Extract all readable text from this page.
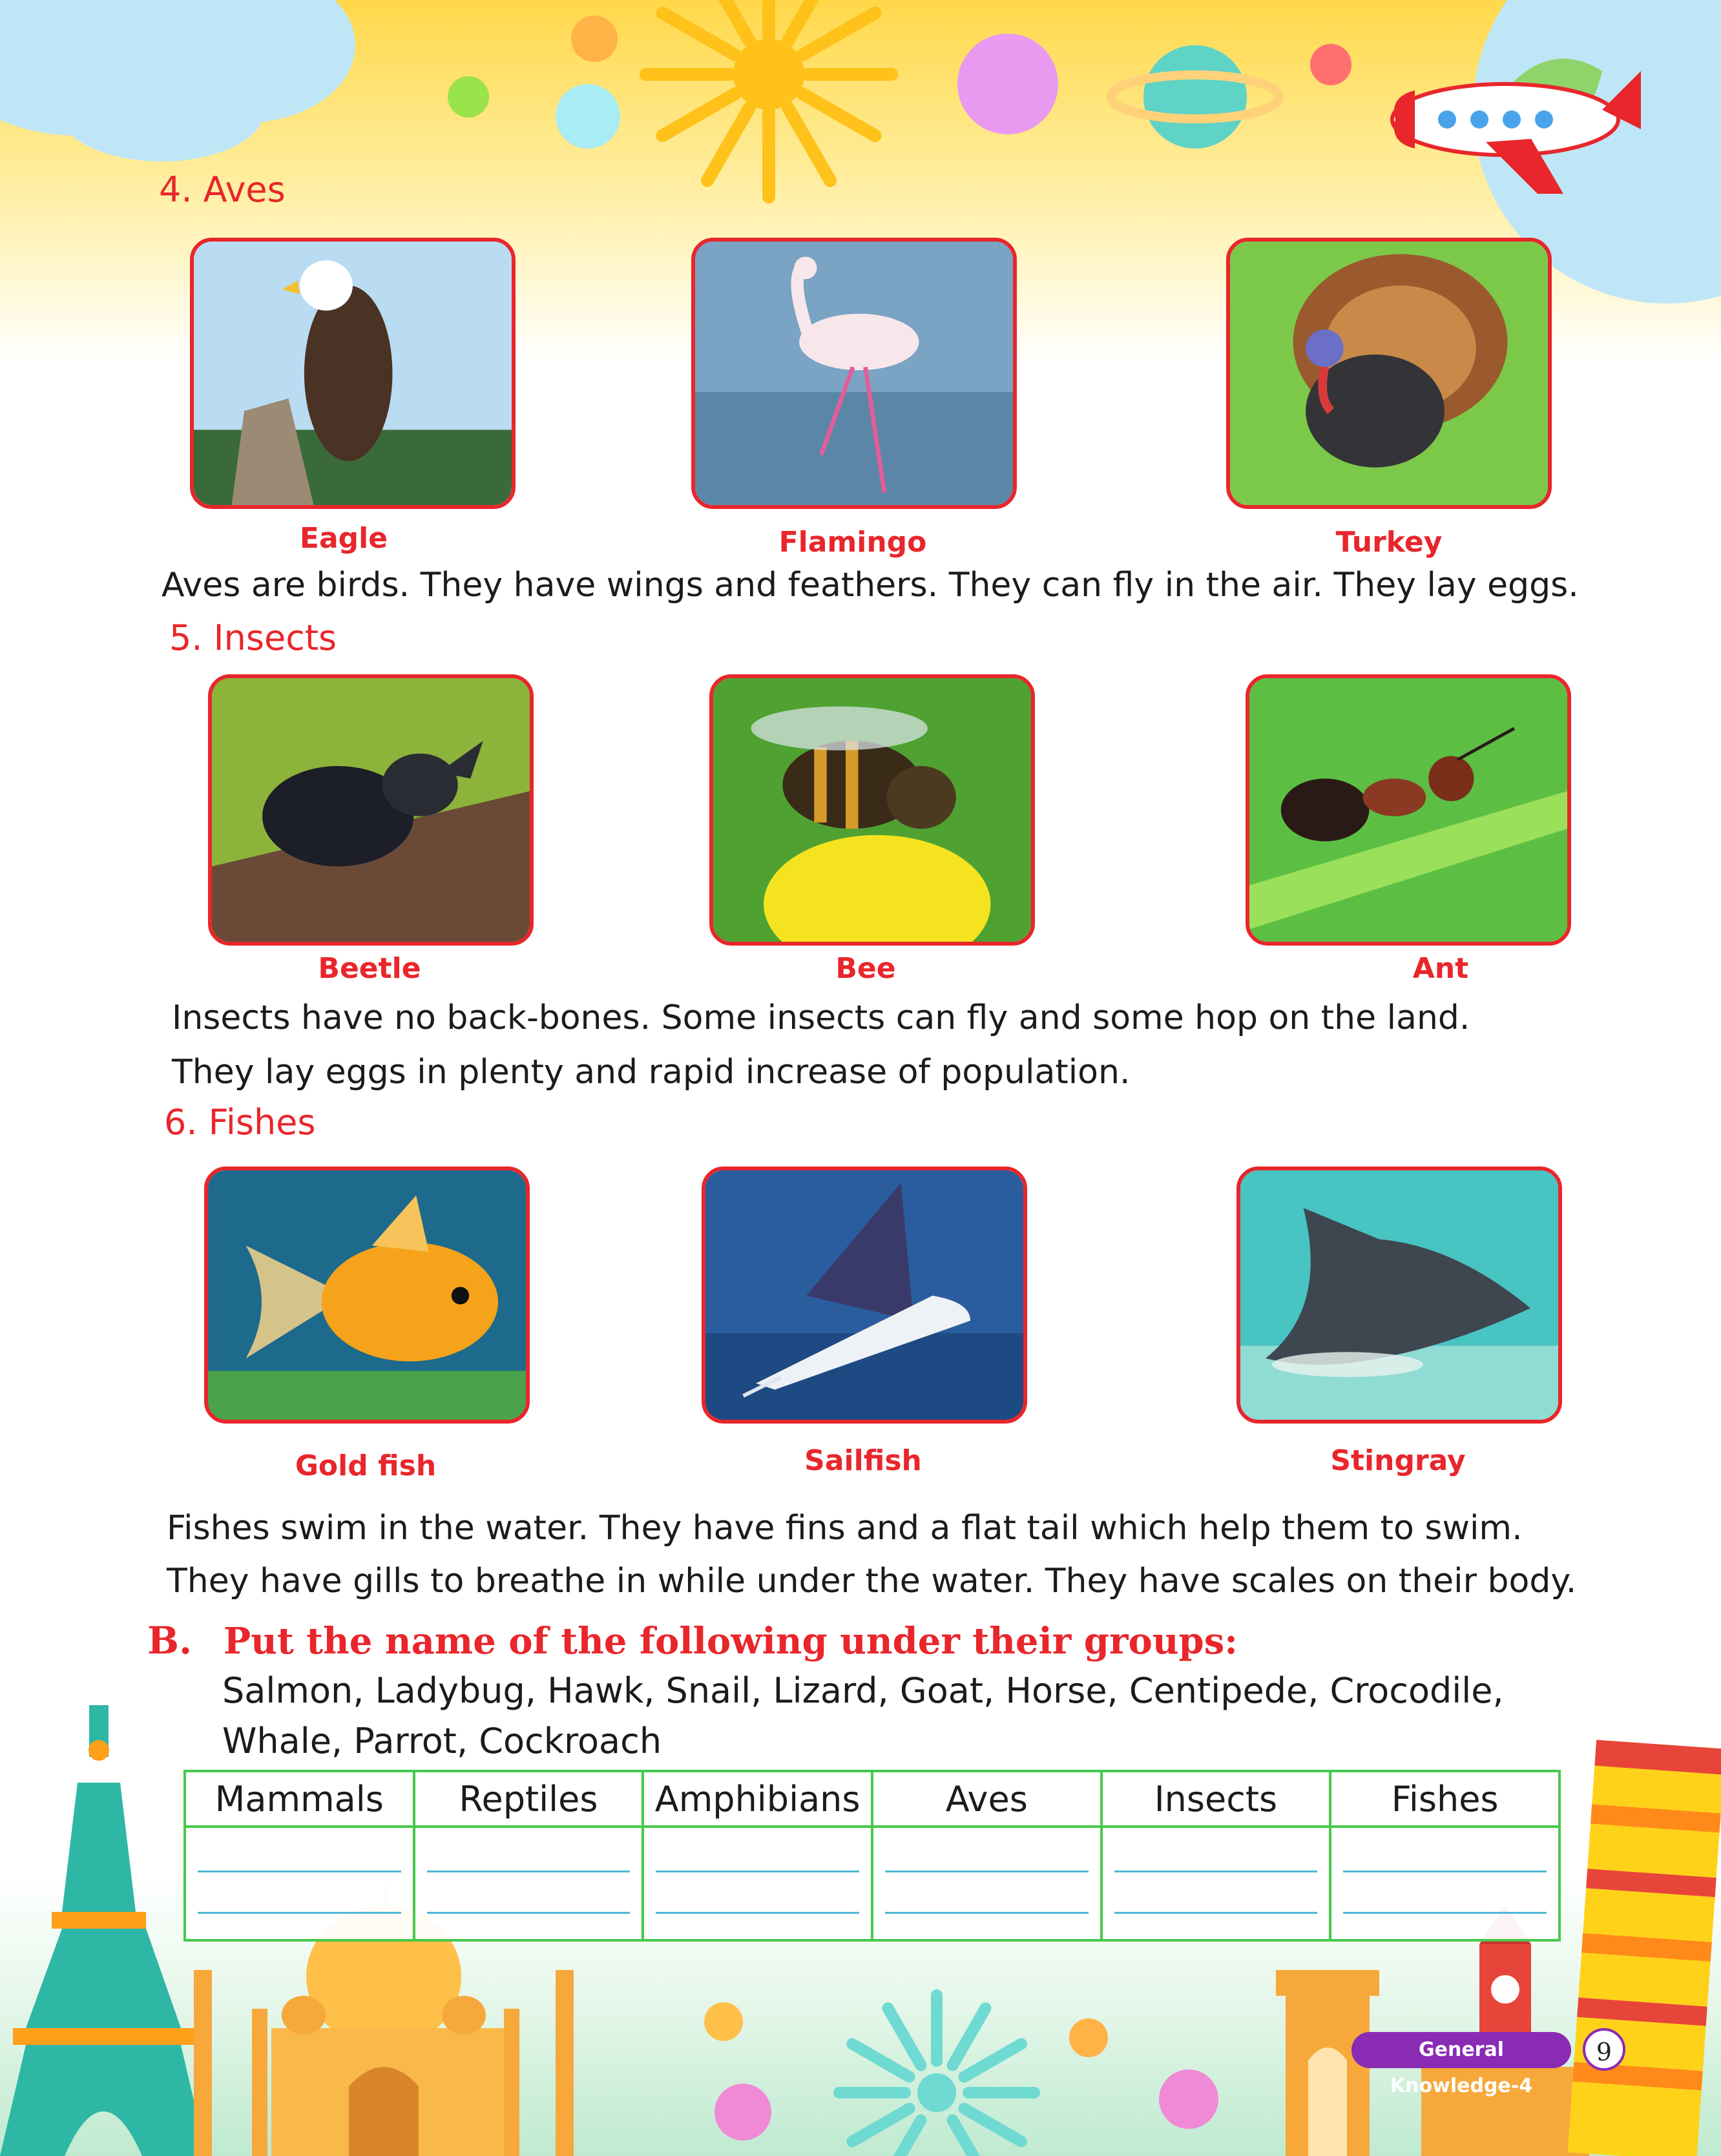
4. Aves
Eagle	Flamingo	Turkey
Aves are birds. They have wings and feathers. They can fly in the air. They lay eggs.
5. Insects
Beetle	Bee	Ant
Insects have no back-bones. Some insects can fly and some hop on the land.
They lay eggs in plenty and rapid increase of population.
6. Fishes
Gold fish	Sailfish	Stingray
Fishes swim in the water. They have fins and a flat tail which help them to swim.
They have gills to breathe in while under the water. They have scales on their body.
B. Put the name of the following under their groups:
Salmon, Ladybug, Hawk, Snail, Lizard, Goat, Horse, Centipede, Crocodile,
Whale, Parrot, Cockroach
Mammals	Reptiles	Amphibians	Aves	Insects	Fishes

General Knowledge-4
9
